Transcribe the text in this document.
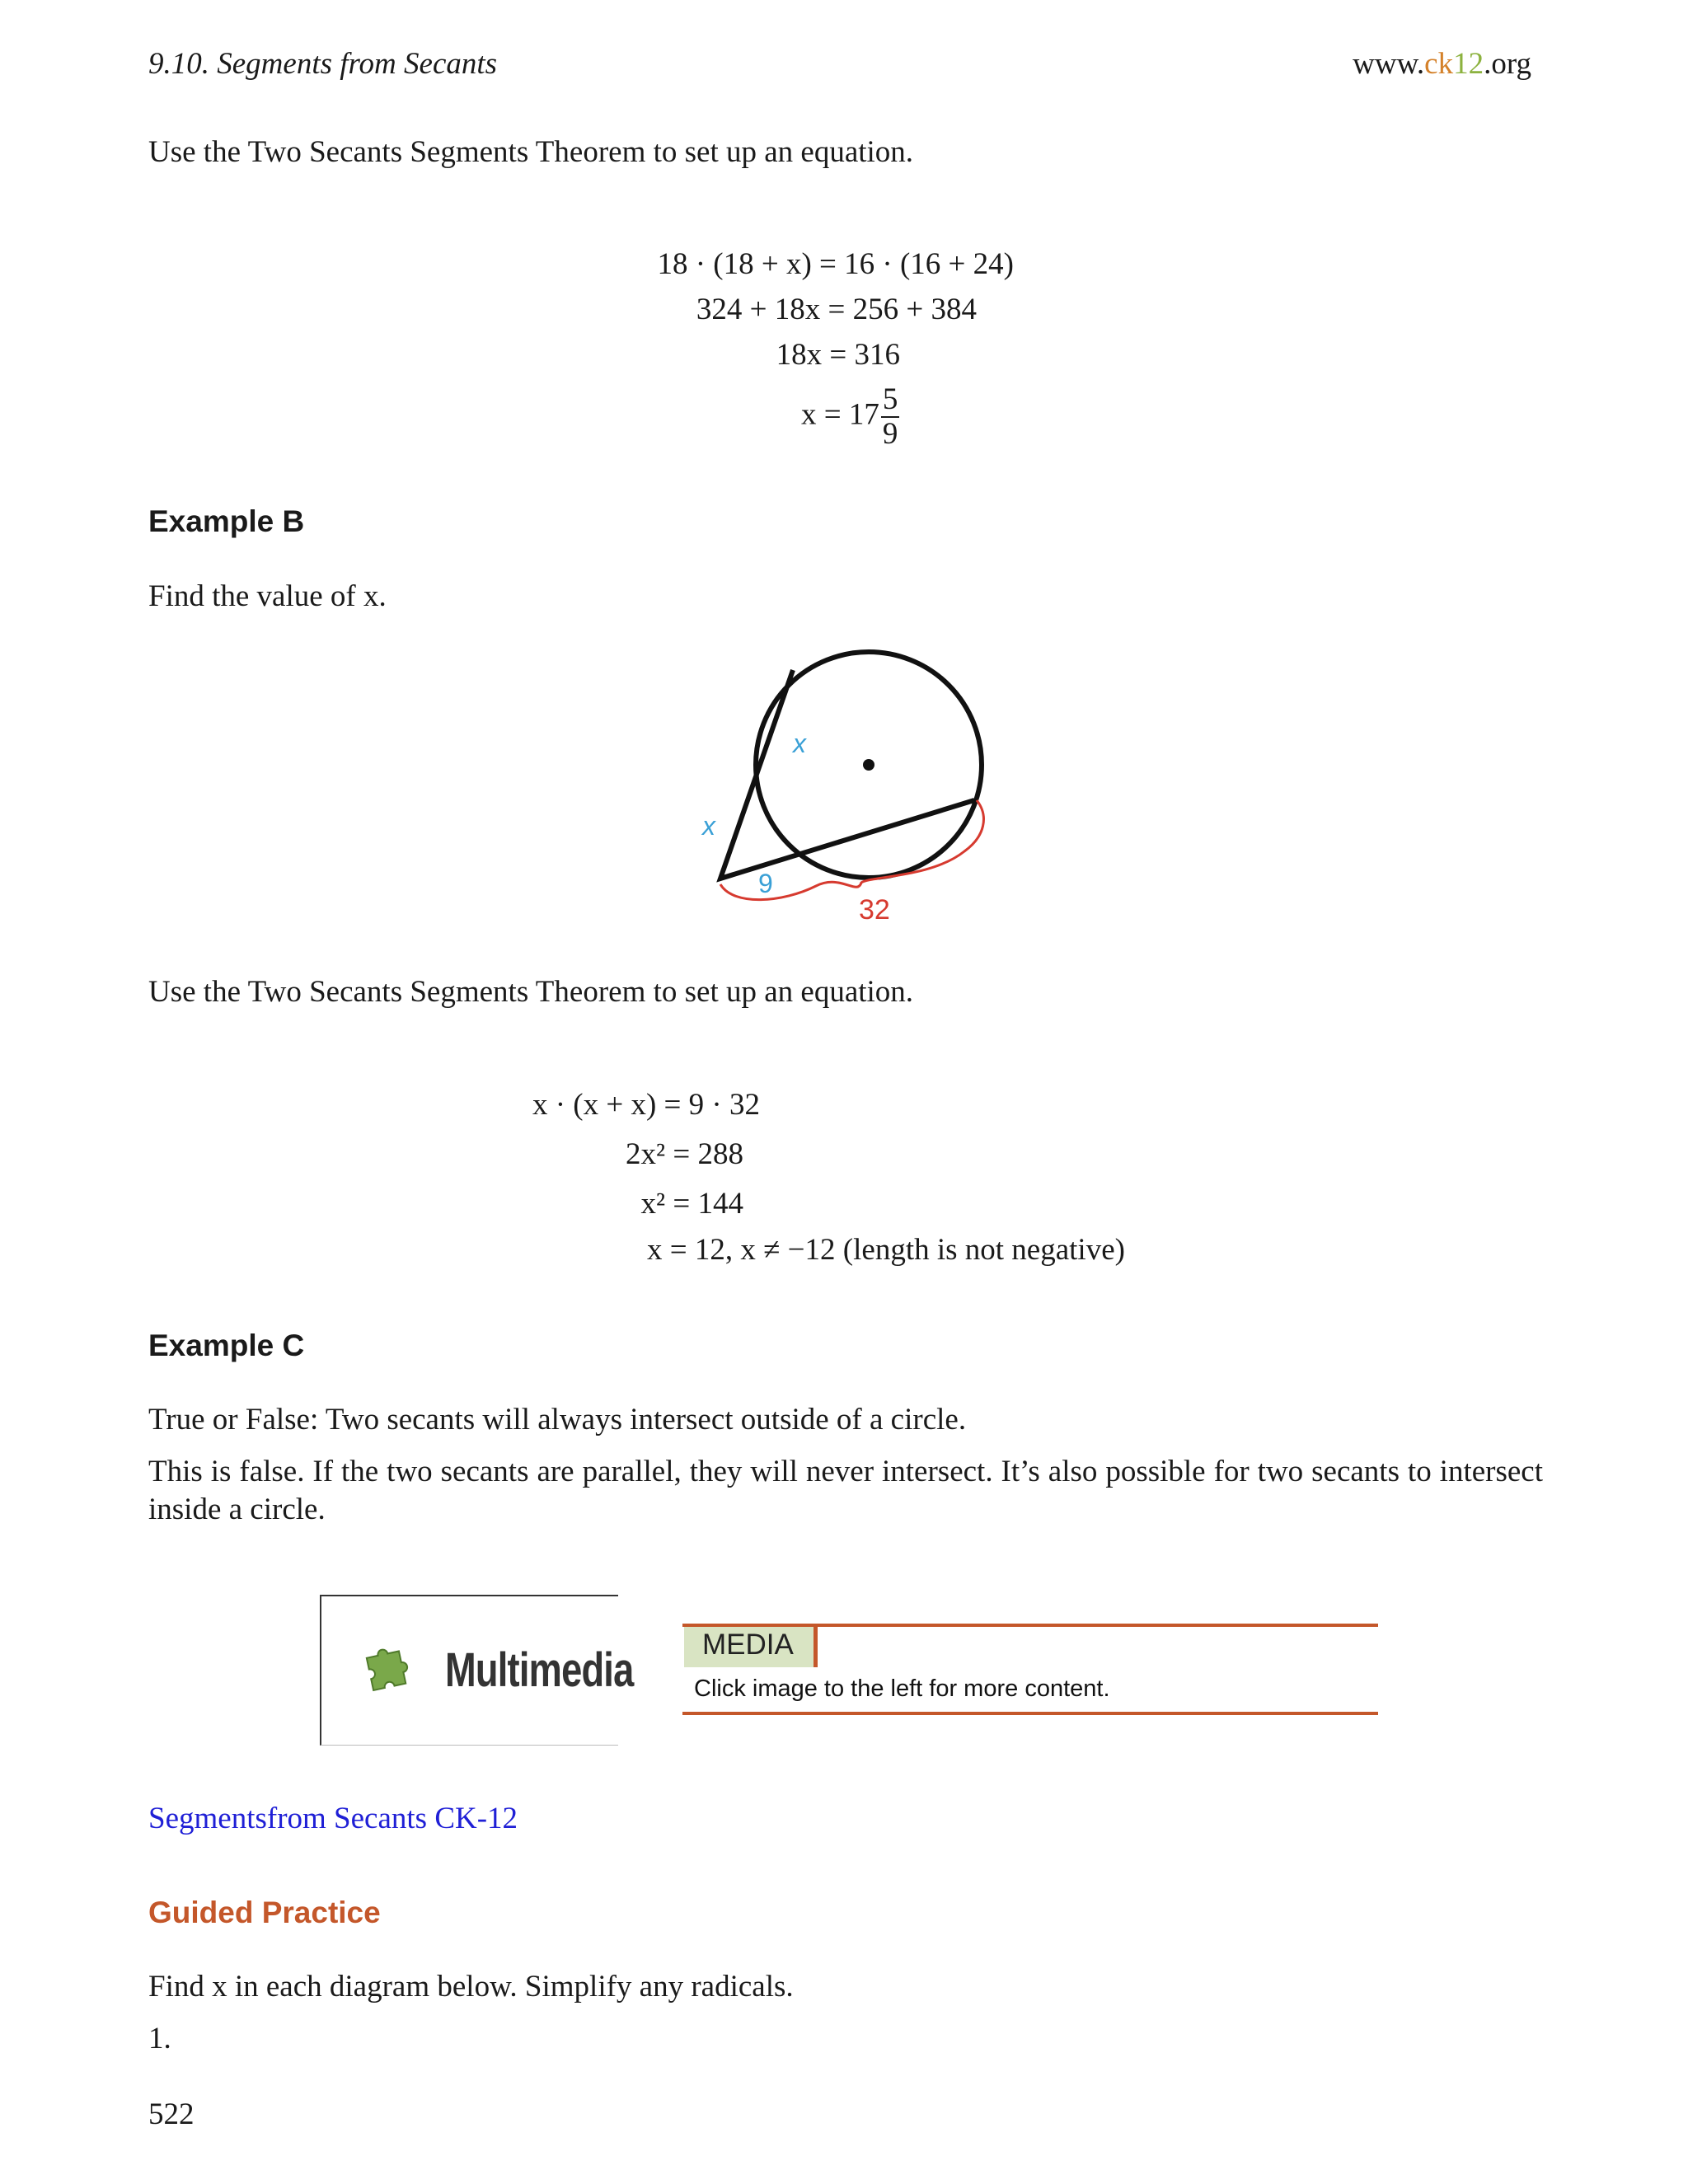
9.10. Segments from Secants	www.ck12.org
Use the Two Secants Segments Theorem to set up an equation.
18 · (18 + x) = 16 · (16 + 24)
324 + 18x = 256 + 384
18x = 316
$x = 17 \frac{5}{9}$
Example B
Find the value of x.
x
x
9
32
Use the Two Secants Segments Theorem to set up an equation.
x · (x + x) = 9 · 32
2x² = 288
x² = 144
x = 12, x ≠ −12 (length is not negative)
Example C
True or False: Two secants will always intersect outside of a circle.
This is false. If the two secants are parallel, they will never intersect. It’s also possible for two secants to intersect inside a circle.
Multimedia MEDIA
Click image to the left for more content.
Segmentsfrom Secants CK-12
Guided Practice
Find x in each diagram below. Simplify any radicals.
1.
522
